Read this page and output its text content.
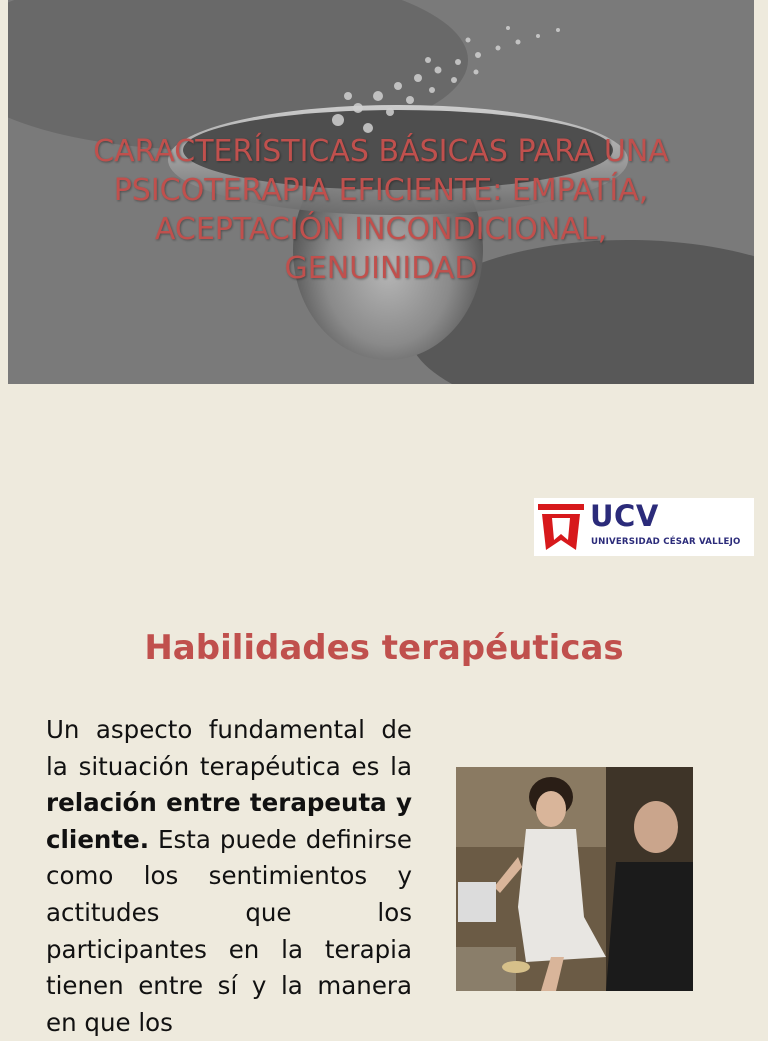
CARACTERÍSTICAS BÁSICAS PARA UNA PSICOTERAPIA EFICIENTE: EMPATÍA, ACEPTACIÓN INCONDICIONAL, GENUINIDAD
UCV
UNIVERSIDAD CÉSAR VALLEJO
Habilidades terapéuticas

Un aspecto fundamental de la situación terapéutica es la relación entre terapeuta y cliente. Esta puede definirse como los sentimientos y actitudes que los participantes en la terapia tienen entre sí y la manera en que los
